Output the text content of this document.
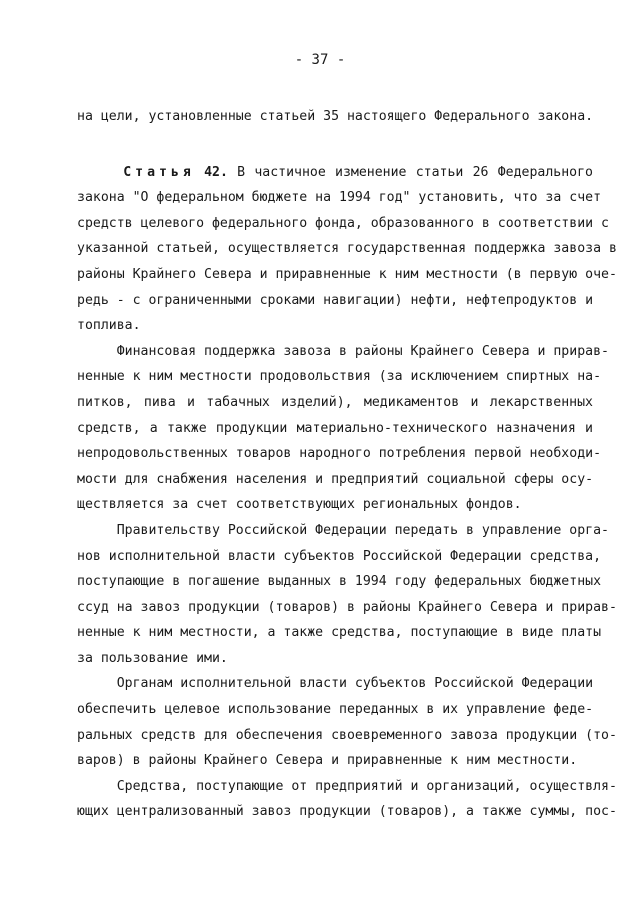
- 37 -
на цели, установленные статьей 35 настоящего Федерального закона.
Статья 42. В частичное изменение статьи 26 Федерального
закона "О федеральном бюджете на 1994 год" установить, что за счет
средств целевого федерального фонда, образованного в соответствии с
указанной статьей, осуществляется государственная поддержка завоза в
районы Крайнего Севера и приравненные к ним местности (в первую оче-
редь - с ограниченными сроками навигации) нефти, нефтепродуктов и
топлива.
Финансовая поддержка завоза в районы Крайнего Севера и прирав-
ненные к ним местности продовольствия (за исключением спиртных на-
питков, пива и табачных изделий), медикаментов и лекарственных
средств, а также продукции материально-технического назначения и
непродовольственных товаров народного потребления первой необходи-
мости для снабжения населения и предприятий социальной сферы осу-
ществляется за счет соответствующих региональных фондов.
Правительству Российской Федерации передать в управление орга-
нов исполнительной власти субъектов Российской Федерации средства,
поступающие в погашение выданных в 1994 году федеральных бюджетных
ссуд на завоз продукции (товаров) в районы Крайнего Севера и прирав-
ненные к ним местности, а также средства, поступающие в виде платы
за пользование ими.
Органам исполнительной власти субъектов Российской Федерации
обеспечить целевое использование переданных в их управление феде-
ральных средств для обеспечения своевременного завоза продукции (то-
варов) в районы Крайнего Севера и приравненные к ним местности.
Средства, поступающие от предприятий и организаций, осуществля-
ющих централизованный завоз продукции (товаров), а также суммы, пос-
